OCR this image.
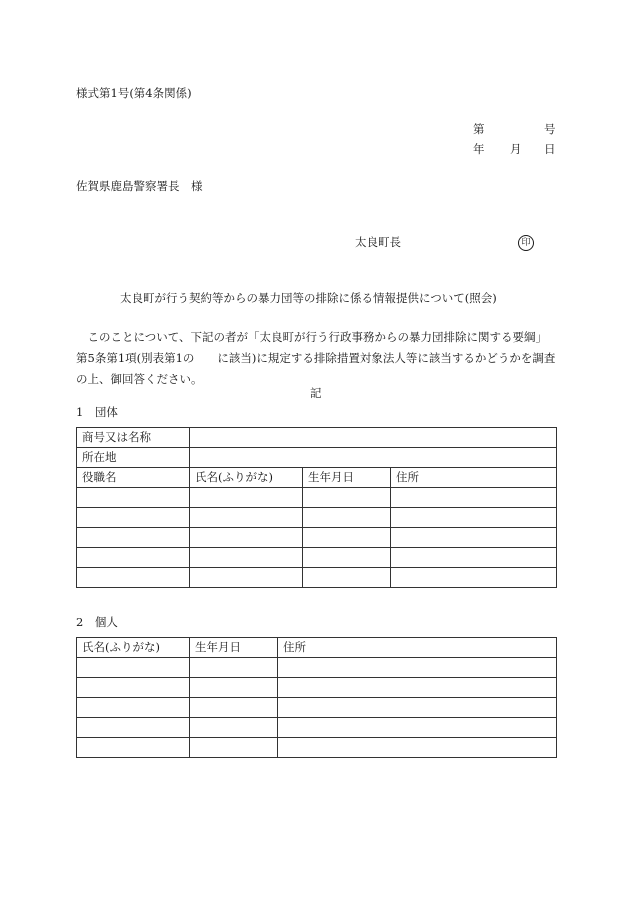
様式第1号(第4条関係)
第	号
年 月 日
佐賀県鹿島警察署長　様
太良町長	印
太良町が行う契約等からの暴力団等の排除に係る情報提供について(照会)
このことについて、下記の者が「太良町が行う行政事務からの暴力団排除に関する要綱」第5条第1項(別表第1の　　に該当)に規定する排除措置対象法人等に該当するかどうかを調査の上、御回答ください。
記
1　団体
商号又は名称			
所在地			
役職名	氏名(ふりがな)	生年月日	住所

2　個人
氏名(ふりがな)	生年月日	住所
